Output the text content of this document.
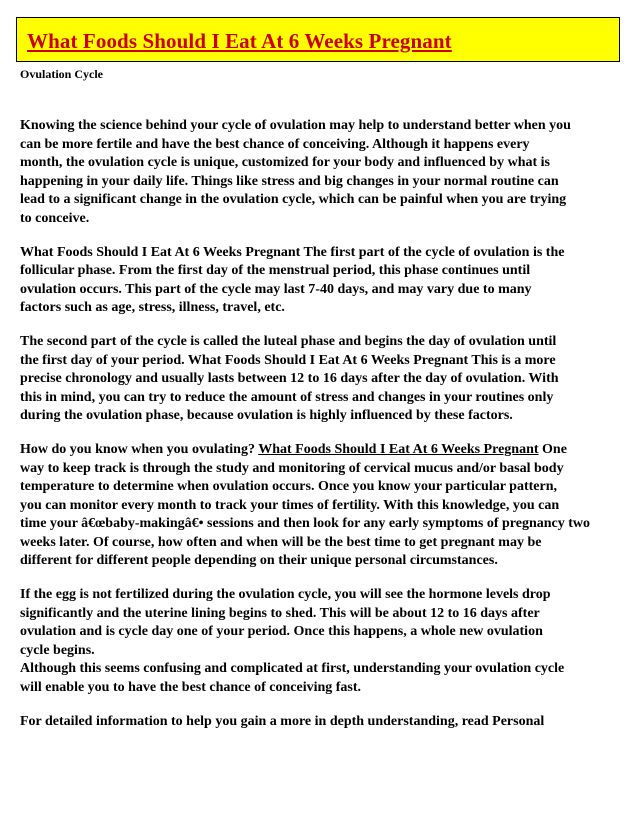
What Foods Should I Eat At 6 Weeks Pregnant
Ovulation Cycle
Knowing the science behind your cycle of ovulation may help to understand better when you
can be more fertile and have the best chance of conceiving. Although it happens every
month, the ovulation cycle is unique, customized for your body and influenced by what is
happening in your daily life. Things like stress and big changes in your normal routine can
lead to a significant change in the ovulation cycle, which can be painful when you are trying
to conceive.
What Foods Should I Eat At 6 Weeks Pregnant The first part of the cycle of ovulation is the
follicular phase. From the first day of the menstrual period, this phase continues until
ovulation occurs. This part of the cycle may last 7-40 days, and may vary due to many
factors such as age, stress, illness, travel, etc.
The second part of the cycle is called the luteal phase and begins the day of ovulation until
the first day of your period. What Foods Should I Eat At 6 Weeks Pregnant This is a more
precise chronology and usually lasts between 12 to 16 days after the day of ovulation. With
this in mind, you can try to reduce the amount of stress and changes in your routines only
during the ovulation phase, because ovulation is highly influenced by these factors.
How do you know when you ovulating? What Foods Should I Eat At 6 Weeks Pregnant One
way to keep track is through the study and monitoring of cervical mucus and/or basal body
temperature to determine when ovulation occurs. Once you know your particular pattern,
you can monitor every month to track your times of fertility. With this knowledge, you can
time your â€œbaby-makingâ€• sessions and then look for any early symptoms of pregnancy two
weeks later. Of course, how often and when will be the best time to get pregnant may be
different for different people depending on their unique personal circumstances.
If the egg is not fertilized during the ovulation cycle, you will see the hormone levels drop
significantly and the uterine lining begins to shed. This will be about 12 to 16 days after
ovulation and is cycle day one of your period. Once this happens, a whole new ovulation
cycle begins.
Although this seems confusing and complicated at first, understanding your ovulation cycle
will enable you to have the best chance of conceiving fast.
For detailed information to help you gain a more in depth understanding, read Personal
